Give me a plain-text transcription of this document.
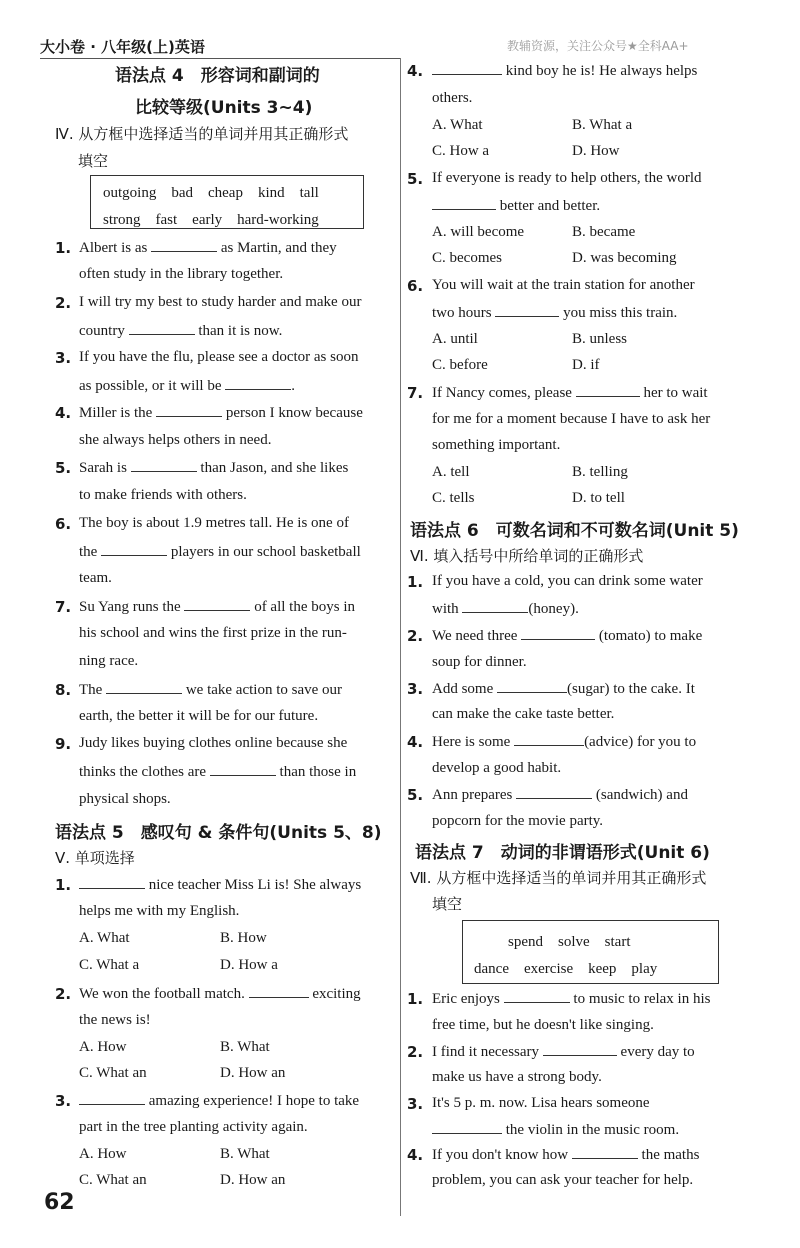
大小卷 · 八年级(上)英语	教辅资源，关注公众号★全科AA+
62
语法点 4　形容词和副词的
比较等级(Units 3~4)
Ⅳ. 从方框中选择适当的单词并用其正确形式
填空
outgoing　bad　cheap　kind　tall
strong　fast　early　hard-working
1. Albert is as	as Martin, and they
often study in the library together.
2. I will try my best to study harder and make our
country	than it is now.
3. If you have the flu, please see a doctor as soon
as possible, or it will be	.
4. Miller is the	person I know because
she always helps others in need.
5. Sarah is	than Jason, and she likes
to make friends with others.
6. The boy is about 1.9 metres tall. He is one of
the	players in our school basketball
team.
7. Su Yang runs the	of all the boys in
his school and wins the first prize in the run-
ning race.
8. The	we take action to save our
earth, the better it will be for our future.
9. Judy likes buying clothes online because she
thinks the clothes are	than those in
physical shops.
语法点 5　感叹句 & 条件句(Units 5、8)
Ⅴ. 单项选择
1.	nice teacher Miss Li is! She always
helps me with my English.
A. What	B. How
C. What a	D. How a
2. We won the football match.	exciting
the news is!
A. How	B. What
C. What an	D. How an
3.	amazing experience! I hope to take
part in the tree planting activity again.
A. How	B. What
C. What an	D. How an
4.	kind boy he is! He always helps
others.
A. What	B. What a
C. How a	D. How
5. If everyone is ready to help others, the world
better and better.
A. will become	B. became
C. becomes	D. was becoming
6. You will wait at the train station for another
two hours	you miss this train.
A. until	B. unless
C. before	D. if
7. If Nancy comes, please	her to wait
for me for a moment because I have to ask her
something important.
A. tell	B. telling
C. tells	D. to tell
语法点 6　可数名词和不可数名词(Unit 5)
Ⅵ. 填入括号中所给单词的正确形式
1. If you have a cold, you can drink some water
with	(honey).
2. We need three	(tomato) to make
soup for dinner.
3. Add some	(sugar) to the cake. It
can make the cake taste better.
4. Here is some	(advice) for you to
develop a good habit.
5. Ann prepares	(sandwich) and
popcorn for the movie party.
语法点 7　动词的非谓语形式(Unit 6)
Ⅶ. 从方框中选择适当的单词并用其正确形式
填空
spend　solve　start
dance　exercise　keep　play
1. Eric enjoys	to music to relax in his
free time, but he doesn't like singing.
2. I find it necessary	every day to
make us have a strong body.
3. It's 5 p. m. now. Lisa hears someone
the violin in the music room.
4. If you don't know how	the maths
problem, you can ask your teacher for help.
